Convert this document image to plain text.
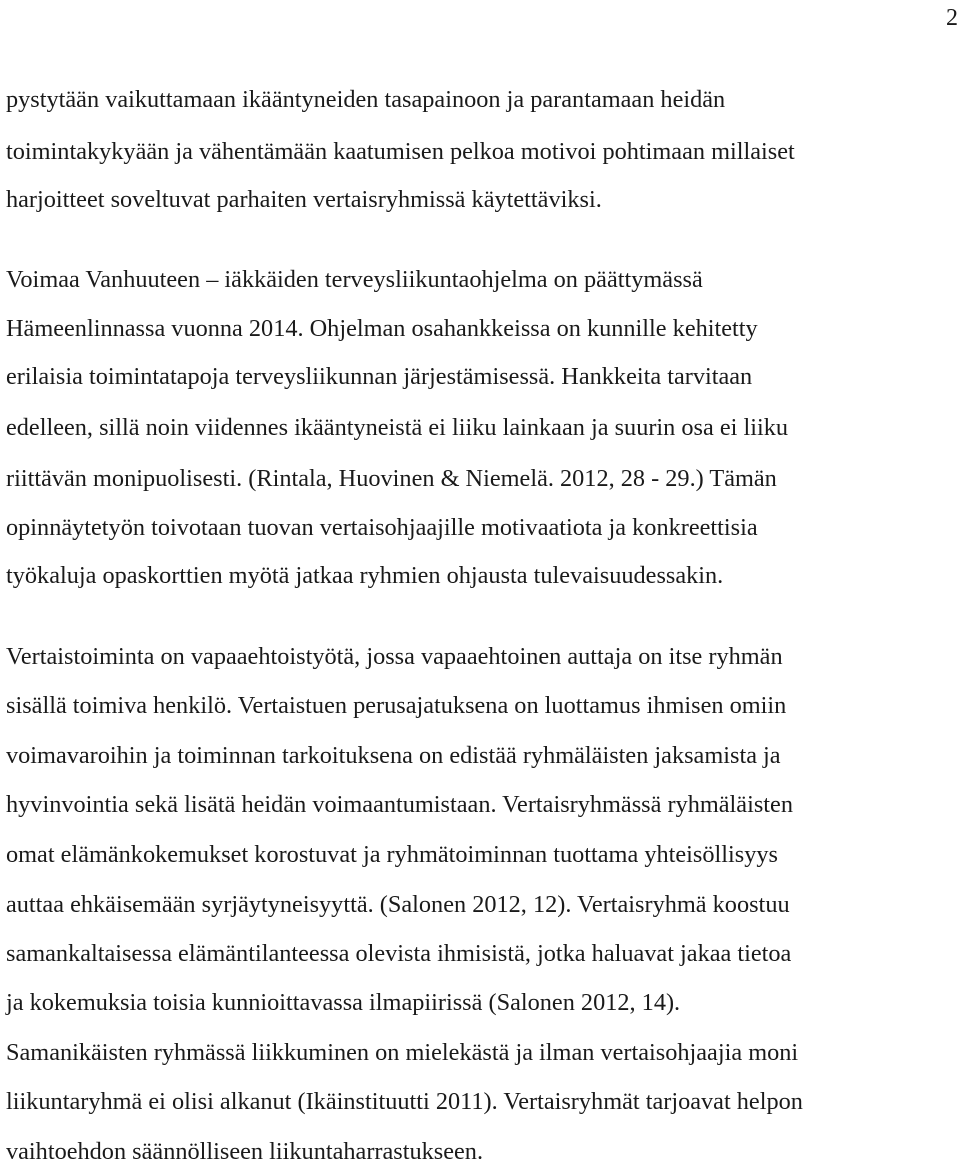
2
pystytään vaikuttamaan ikääntyneiden tasapainoon ja parantamaan heidän
toimintakykyään ja vähentämään kaatumisen pelkoa motivoi pohtimaan millaiset
harjoitteet soveltuvat parhaiten vertaisryhmissä käytettäviksi.
Voimaa Vanhuuteen – iäkkäiden terveysliikuntaohjelma on päättymässä
Hämeenlinnassa vuonna 2014. Ohjelman osahankkeissa on kunnille kehitetty
erilaisia toimintatapoja terveysliikunnan järjestämisessä. Hankkeita tarvitaan
edelleen, sillä noin viidennes ikääntyneistä ei liiku lainkaan ja suurin osa ei liiku
riittävän monipuolisesti. (Rintala, Huovinen & Niemelä. 2012, 28 - 29.) Tämän
opinnäytetyön toivotaan tuovan vertaisohjaajille motivaatiota ja konkreettisia
työkaluja opaskorttien myötä jatkaa ryhmien ohjausta tulevaisuudessakin.
Vertaistoiminta on vapaaehtoistyötä, jossa vapaaehtoinen auttaja on itse ryhmän
sisällä toimiva henkilö. Vertaistuen perusajatuksena on luottamus ihmisen omiin
voimavaroihin ja toiminnan tarkoituksena on edistää ryhmäläisten jaksamista ja
hyvinvointia sekä lisätä heidän voimaantumistaan. Vertaisryhmässä ryhmäläisten
omat elämänkokemukset korostuvat ja ryhmätoiminnan tuottama yhteisöllisyys
auttaa ehkäisemään syrjäytyneisyyttä. (Salonen 2012, 12). Vertaisryhmä koostuu
samankaltaisessa elämäntilanteessa olevista ihmisistä, jotka haluavat jakaa tietoa
ja kokemuksia toisia kunnioittavassa ilmapiirissä (Salonen 2012, 14).
Samanikäisten ryhmässä liikkuminen on mielekästä ja ilman vertaisohjaajia moni
liikuntaryhmä ei olisi alkanut (Ikäinstituutti 2011). Vertaisryhmät tarjoavat helpon
vaihtoehdon säännölliseen liikuntaharrastukseen.
